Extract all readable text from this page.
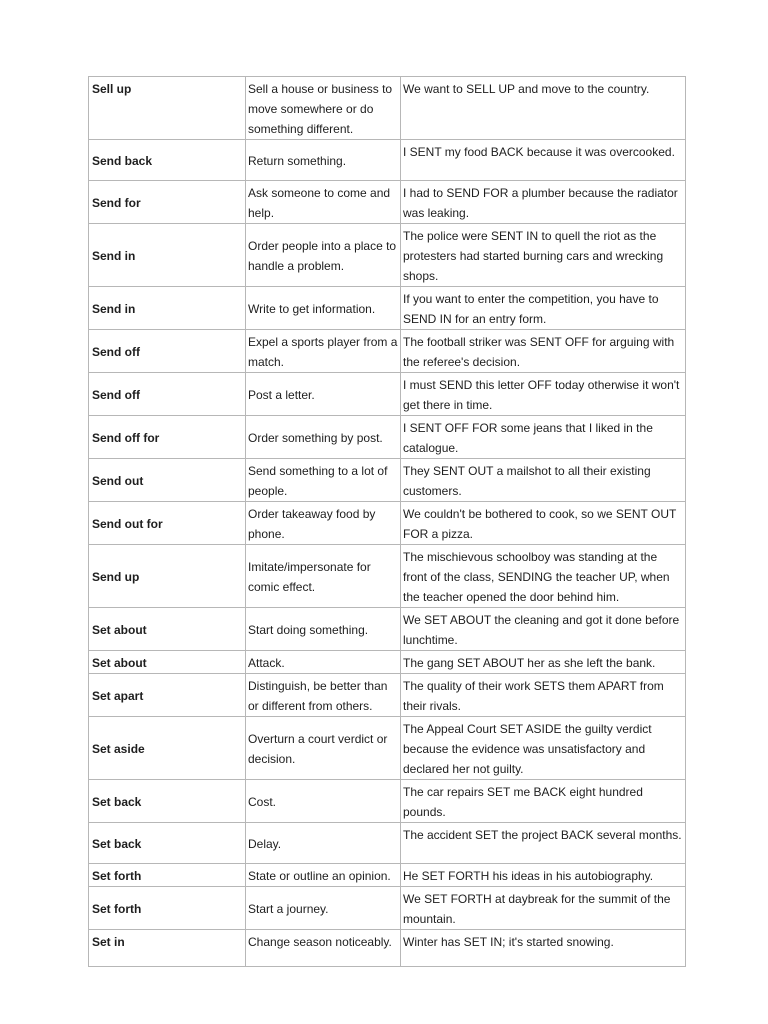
Sell up	Sell a house or business to move somewhere or do something different.	We want to SELL UP and move to the country.
Send back	Return something.	I SENT my food BACK because it was overcooked.
Send for	Ask someone to come and help.	I had to SEND FOR a plumber because the radiator was leaking.
Send in	Order people into a place to handle a problem.	The police were SENT IN to quell the riot as the protesters had started burning cars and wrecking shops.
Send in	Write to get information.	If you want to enter the competition, you have to SEND IN for an entry form.
Send off	Expel a sports player from a match.	The football striker was SENT OFF for arguing with the referee's decision.
Send off	Post a letter.	I must SEND this letter OFF today otherwise it won't get there in time.
Send off for	Order something by post.	I SENT OFF FOR some jeans that I liked in the catalogue.
Send out	Send something to a lot of people.	They SENT OUT a mailshot to all their existing customers.
Send out for	Order takeaway food by phone.	We couldn't be bothered to cook, so we SENT OUT FOR a pizza.
Send up	Imitate/impersonate for comic effect.	The mischievous schoolboy was standing at the front of the class, SENDING the teacher UP, when the teacher opened the door behind him.
Set about	Start doing something.	We SET ABOUT the cleaning and got it done before lunchtime.
Set about	Attack.	The gang SET ABOUT her as she left the bank.
Set apart	Distinguish, be better than or different from others.	The quality of their work SETS them APART from their rivals.
Set aside	Overturn a court verdict or decision.	The Appeal Court SET ASIDE the guilty verdict because the evidence was unsatisfactory and declared her not guilty.
Set back	Cost.	The car repairs SET me BACK eight hundred pounds.
Set back	Delay.	The accident SET the project BACK several months.
Set forth	State or outline an opinion.	He SET FORTH his ideas in his autobiography.
Set forth	Start a journey.	We SET FORTH at daybreak for the summit of the mountain.
Set in	Change season noticeably.	Winter has SET IN; it's started snowing.
